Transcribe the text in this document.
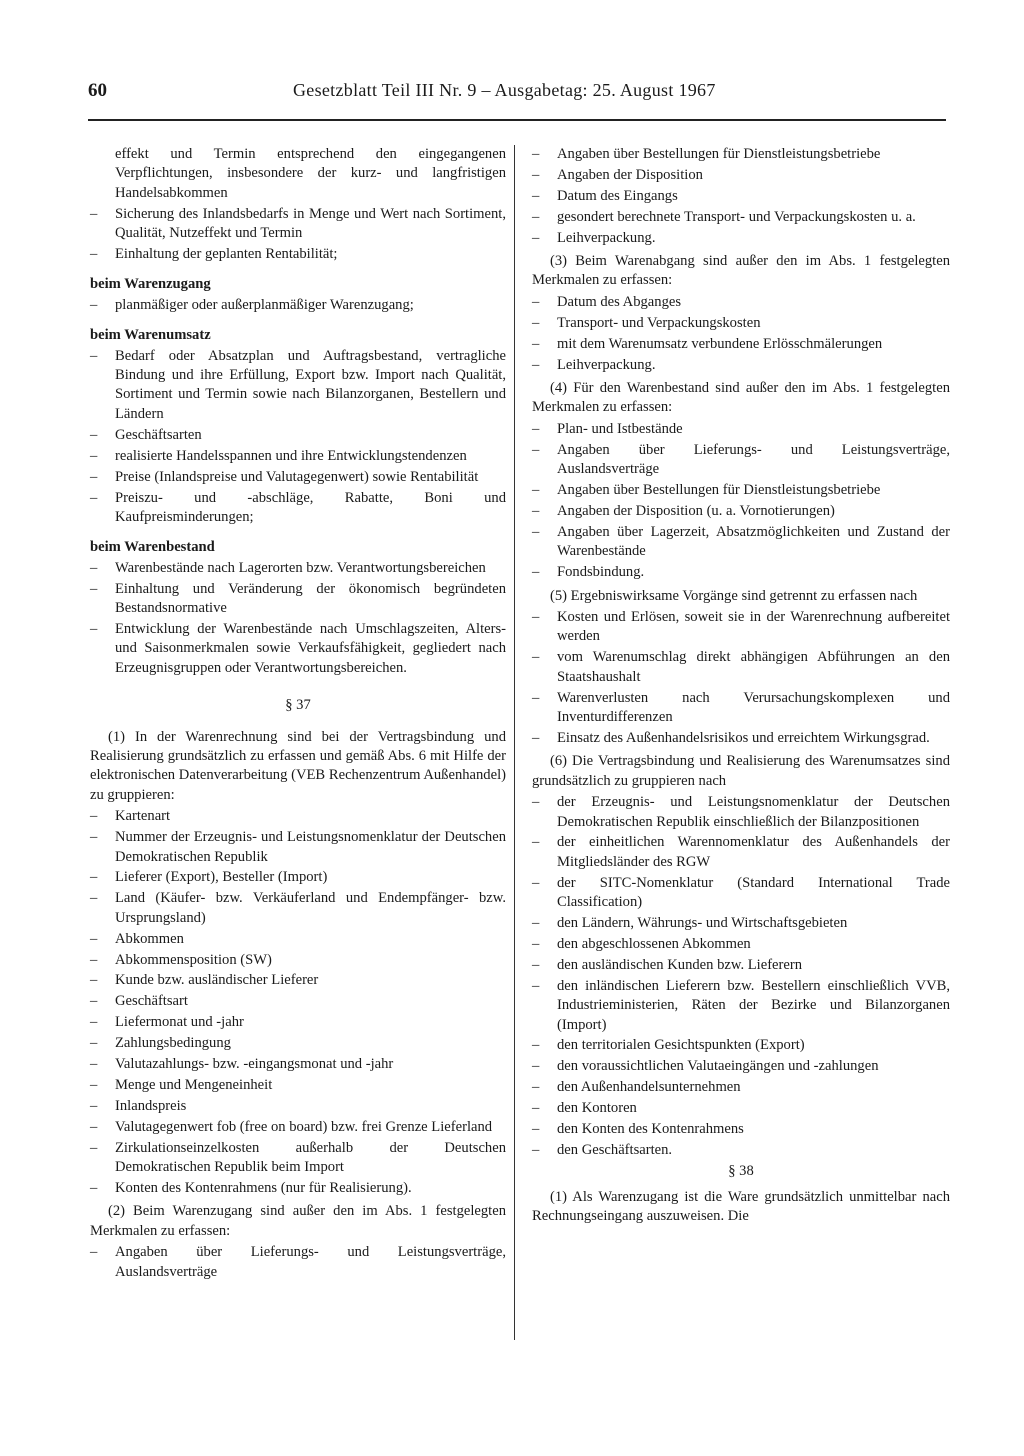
60	Gesetzblatt Teil III Nr. 9 – Ausgabetag: 25. August 1967
effekt und Termin entsprechend den eingegangenen Verpflichtungen, insbesondere der kurz- und langfristigen Handelsabkommen
– Sicherung des Inlandsbedarfs in Menge und Wert nach Sortiment, Qualität, Nutzeffekt und Termin
– Einhaltung der geplanten Rentabilität;
beim Warenzugang
– planmäßiger oder außerplanmäßiger Warenzugang;
beim Warenumsatz
– Bedarf oder Absatzplan und Auftragsbestand, vertragliche Bindung und ihre Erfüllung, Export bzw. Import nach Qualität, Sortiment und Termin sowie nach Bilanzorganen, Bestellern und Ländern
– Geschäftsarten
– realisierte Handelsspannen und ihre Entwicklungstendenzen
– Preise (Inlandspreise und Valutagegenwert) sowie Rentabilität
– Preiszu- und -abschläge, Rabatte, Boni und Kaufpreisminderungen;
beim Warenbestand
– Warenbestände nach Lagerorten bzw. Verantwortungsbereichen
– Einhaltung und Veränderung der ökonomisch begründeten Bestandsnormative
– Entwicklung der Warenbestände nach Umschlagszeiten, Alters- und Saisonmerkmalen sowie Verkaufsfähigkeit, gegliedert nach Erzeugnisgruppen oder Verantwortungsbereichen.
§ 37
(1) In der Warenrechnung sind bei der Vertragsbindung und Realisierung grundsätzlich zu erfassen und gemäß Abs. 6 mit Hilfe der elektronischen Datenverarbeitung (VEB Rechenzentrum Außenhandel) zu gruppieren:
– Kartenart
– Nummer der Erzeugnis- und Leistungsnomenklatur der Deutschen Demokratischen Republik
– Lieferer (Export), Besteller (Import)
– Land (Käufer- bzw. Verkäuferland und Endempfänger- bzw. Ursprungsland)
– Abkommen
– Abkommensposition (SW)
– Kunde bzw. ausländischer Lieferer
– Geschäftsart
– Liefermonat und -jahr
– Zahlungsbedingung
– Valutazahlungs- bzw. -eingangsmonat und -jahr
– Menge und Mengeneinheit
– Inlandspreis
– Valutagegenwert fob (free on board) bzw. frei Grenze Lieferland
– Zirkulationseinzelkosten außerhalb der Deutschen Demokratischen Republik beim Import
– Konten des Kontenrahmens (nur für Realisierung).
(2) Beim Warenzugang sind außer den im Abs. 1 festgelegten Merkmalen zu erfassen:
– Angaben über Lieferungs- und Leistungsverträge, Auslandsverträge
– Angaben über Bestellungen für Dienstleistungsbetriebe
– Angaben der Disposition
– Datum des Eingangs
– gesondert berechnete Transport- und Verpackungskosten u. a.
– Leihverpackung.
(3) Beim Warenabgang sind außer den im Abs. 1 festgelegten Merkmalen zu erfassen:
– Datum des Abganges
– Transport- und Verpackungskosten
– mit dem Warenumsatz verbundene Erlösschmälerungen
– Leihverpackung.
(4) Für den Warenbestand sind außer den im Abs. 1 festgelegten Merkmalen zu erfassen:
– Plan- und Istbestände
– Angaben über Lieferungs- und Leistungsverträge, Auslandsverträge
– Angaben über Bestellungen für Dienstleistungsbetriebe
– Angaben der Disposition (u. a. Vornotierungen)
– Angaben über Lagerzeit, Absatzmöglichkeiten und Zustand der Warenbestände
– Fondsbindung.
(5) Ergebniswirksame Vorgänge sind getrennt zu erfassen nach
– Kosten und Erlösen, soweit sie in der Warenrechnung aufbereitet werden
– vom Warenumschlag direkt abhängigen Abführungen an den Staatshaushalt
– Warenverlusten nach Verursachungskomplexen und Inventurdifferenzen
– Einsatz des Außenhandelsrisikos und erreichtem Wirkungsgrad.
(6) Die Vertragsbindung und Realisierung des Warenumsatzes sind grundsätzlich zu gruppieren nach
– der Erzeugnis- und Leistungsnomenklatur der Deutschen Demokratischen Republik einschließlich der Bilanzpositionen
– der einheitlichen Warennomenklatur des Außenhandels der Mitgliedsländer des RGW
– der SITC-Nomenklatur (Standard International Trade Classification)
– den Ländern, Währungs- und Wirtschaftsgebieten
– den abgeschlossenen Abkommen
– den ausländischen Kunden bzw. Lieferern
– den inländischen Lieferern bzw. Bestellern einschließlich VVB, Industrieministerien, Räten der Bezirke und Bilanzorganen (Import)
– den territorialen Gesichtspunkten (Export)
– den voraussichtlichen Valutaeingängen und -zahlungen
– den Außenhandelsunternehmen
– den Kontoren
– den Konten des Kontenrahmens
– den Geschäftsarten.
§ 38
(1) Als Warenzugang ist die Ware grundsätzlich unmittelbar nach Rechnungseingang auszuweisen. Die
